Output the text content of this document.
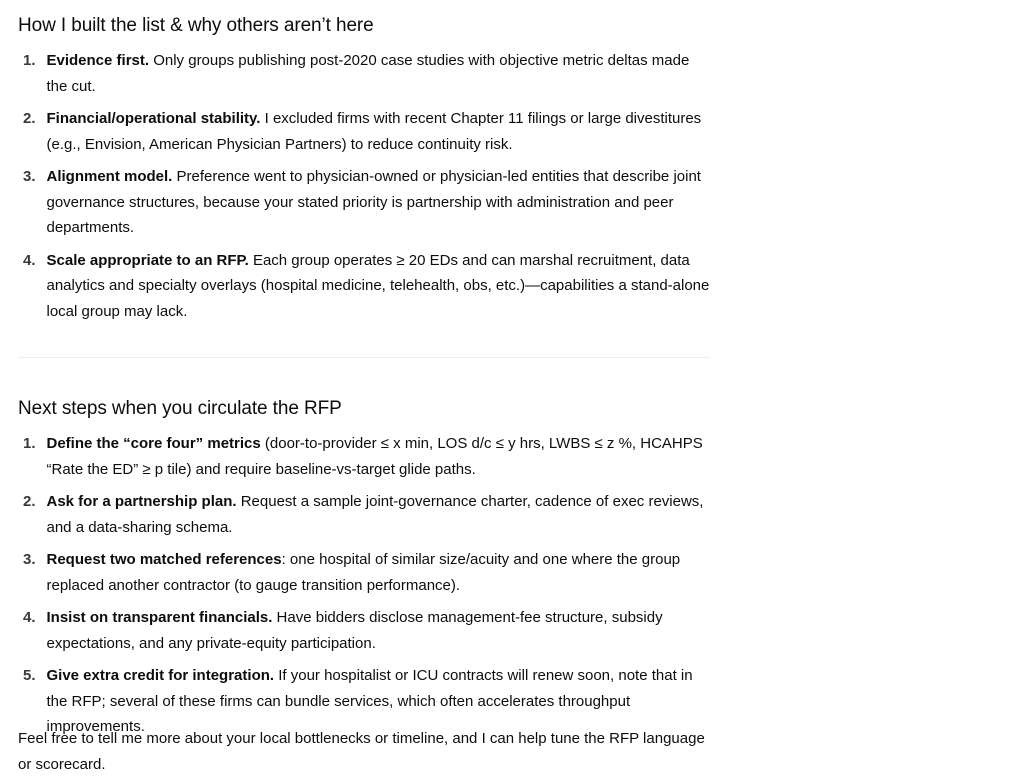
How I built the list & why others aren’t here
1. Evidence first. Only groups publishing post-2020 case studies with objective metric deltas made the cut.
2. Financial/operational stability. I excluded firms with recent Chapter 11 filings or large divestitures (e.g., Envision, American Physician Partners) to reduce continuity risk.
3. Alignment model. Preference went to physician-owned or physician-led entities that describe joint governance structures, because your stated priority is partnership with administration and peer departments.
4. Scale appropriate to an RFP. Each group operates ≥ 20 EDs and can marshal recruitment, data analytics and specialty overlays (hospital medicine, telehealth, obs, etc.)—capabilities a stand-alone local group may lack.
Next steps when you circulate the RFP
1. Define the “core four” metrics (door-to-provider ≤ x min, LOS d/c ≤ y hrs, LWBS ≤ z %, HCAHPS “Rate the ED” ≥ p tile) and require baseline-vs-target glide paths.
2. Ask for a partnership plan. Request a sample joint-governance charter, cadence of exec reviews, and a data-sharing schema.
3. Request two matched references: one hospital of similar size/acuity and one where the group replaced another contractor (to gauge transition performance).
4. Insist on transparent financials. Have bidders disclose management-fee structure, subsidy expectations, and any private-equity participation.
5. Give extra credit for integration. If your hospitalist or ICU contracts will renew soon, note that in the RFP; several of these firms can bundle services, which often accelerates throughput improvements.

Feel free to tell me more about your local bottlenecks or timeline, and I can help tune the RFP language or scorecard.
